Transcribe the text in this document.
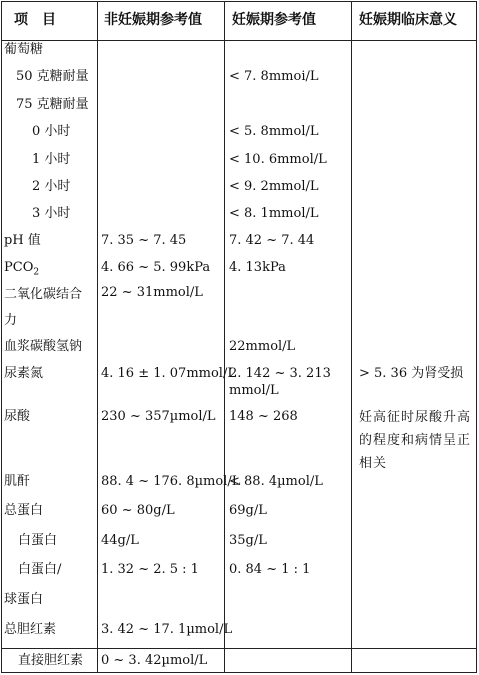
项　目	非妊娠期参考值 妊娠期参考值	妊娠期临床意义
葡萄糖
50 克糖耐量
75 克糖耐量
0 小时
1 小时
2 小时
3 小时
pH 值
$PCO_2$
二氧化碳结合
力
血浆碳酸氢钠
尿素氮
尿酸
肌酐
总蛋白
白蛋白
白蛋白/
球蛋白
总胆红素
直接胆红素
7. 35 ~ 7. 45
4. 66 ~ 5. 99kPa
22 ~ 31mmol/L
4. 16 ± 1. 07mmol/L
230 ~ 357µmol/L
88. 4 ~ 176. 8µmol/L
60 ~ 80g/L
44g/L
1. 32 ~ 2. 5 : 1
3. 42 ~ 17. 1µmol/L
0 ~ 3. 42µmol/L
< 7. 8mmoi/L
< 5. 8mmol/L
< 10. 6mmol/L
< 9. 2mmol/L
< 8. 1mmol/L
7. 42 ~ 7. 44
4. 13kPa
22mmol/L
2. 142 ~ 3. 213
mmol/L
148 ~ 268
< 88. 4µmol/L
69g/L
35g/L
0. 84 ~ 1 : 1
> 5. 36 为肾受损
妊高征时尿酸升高的程度和病情呈正相关
